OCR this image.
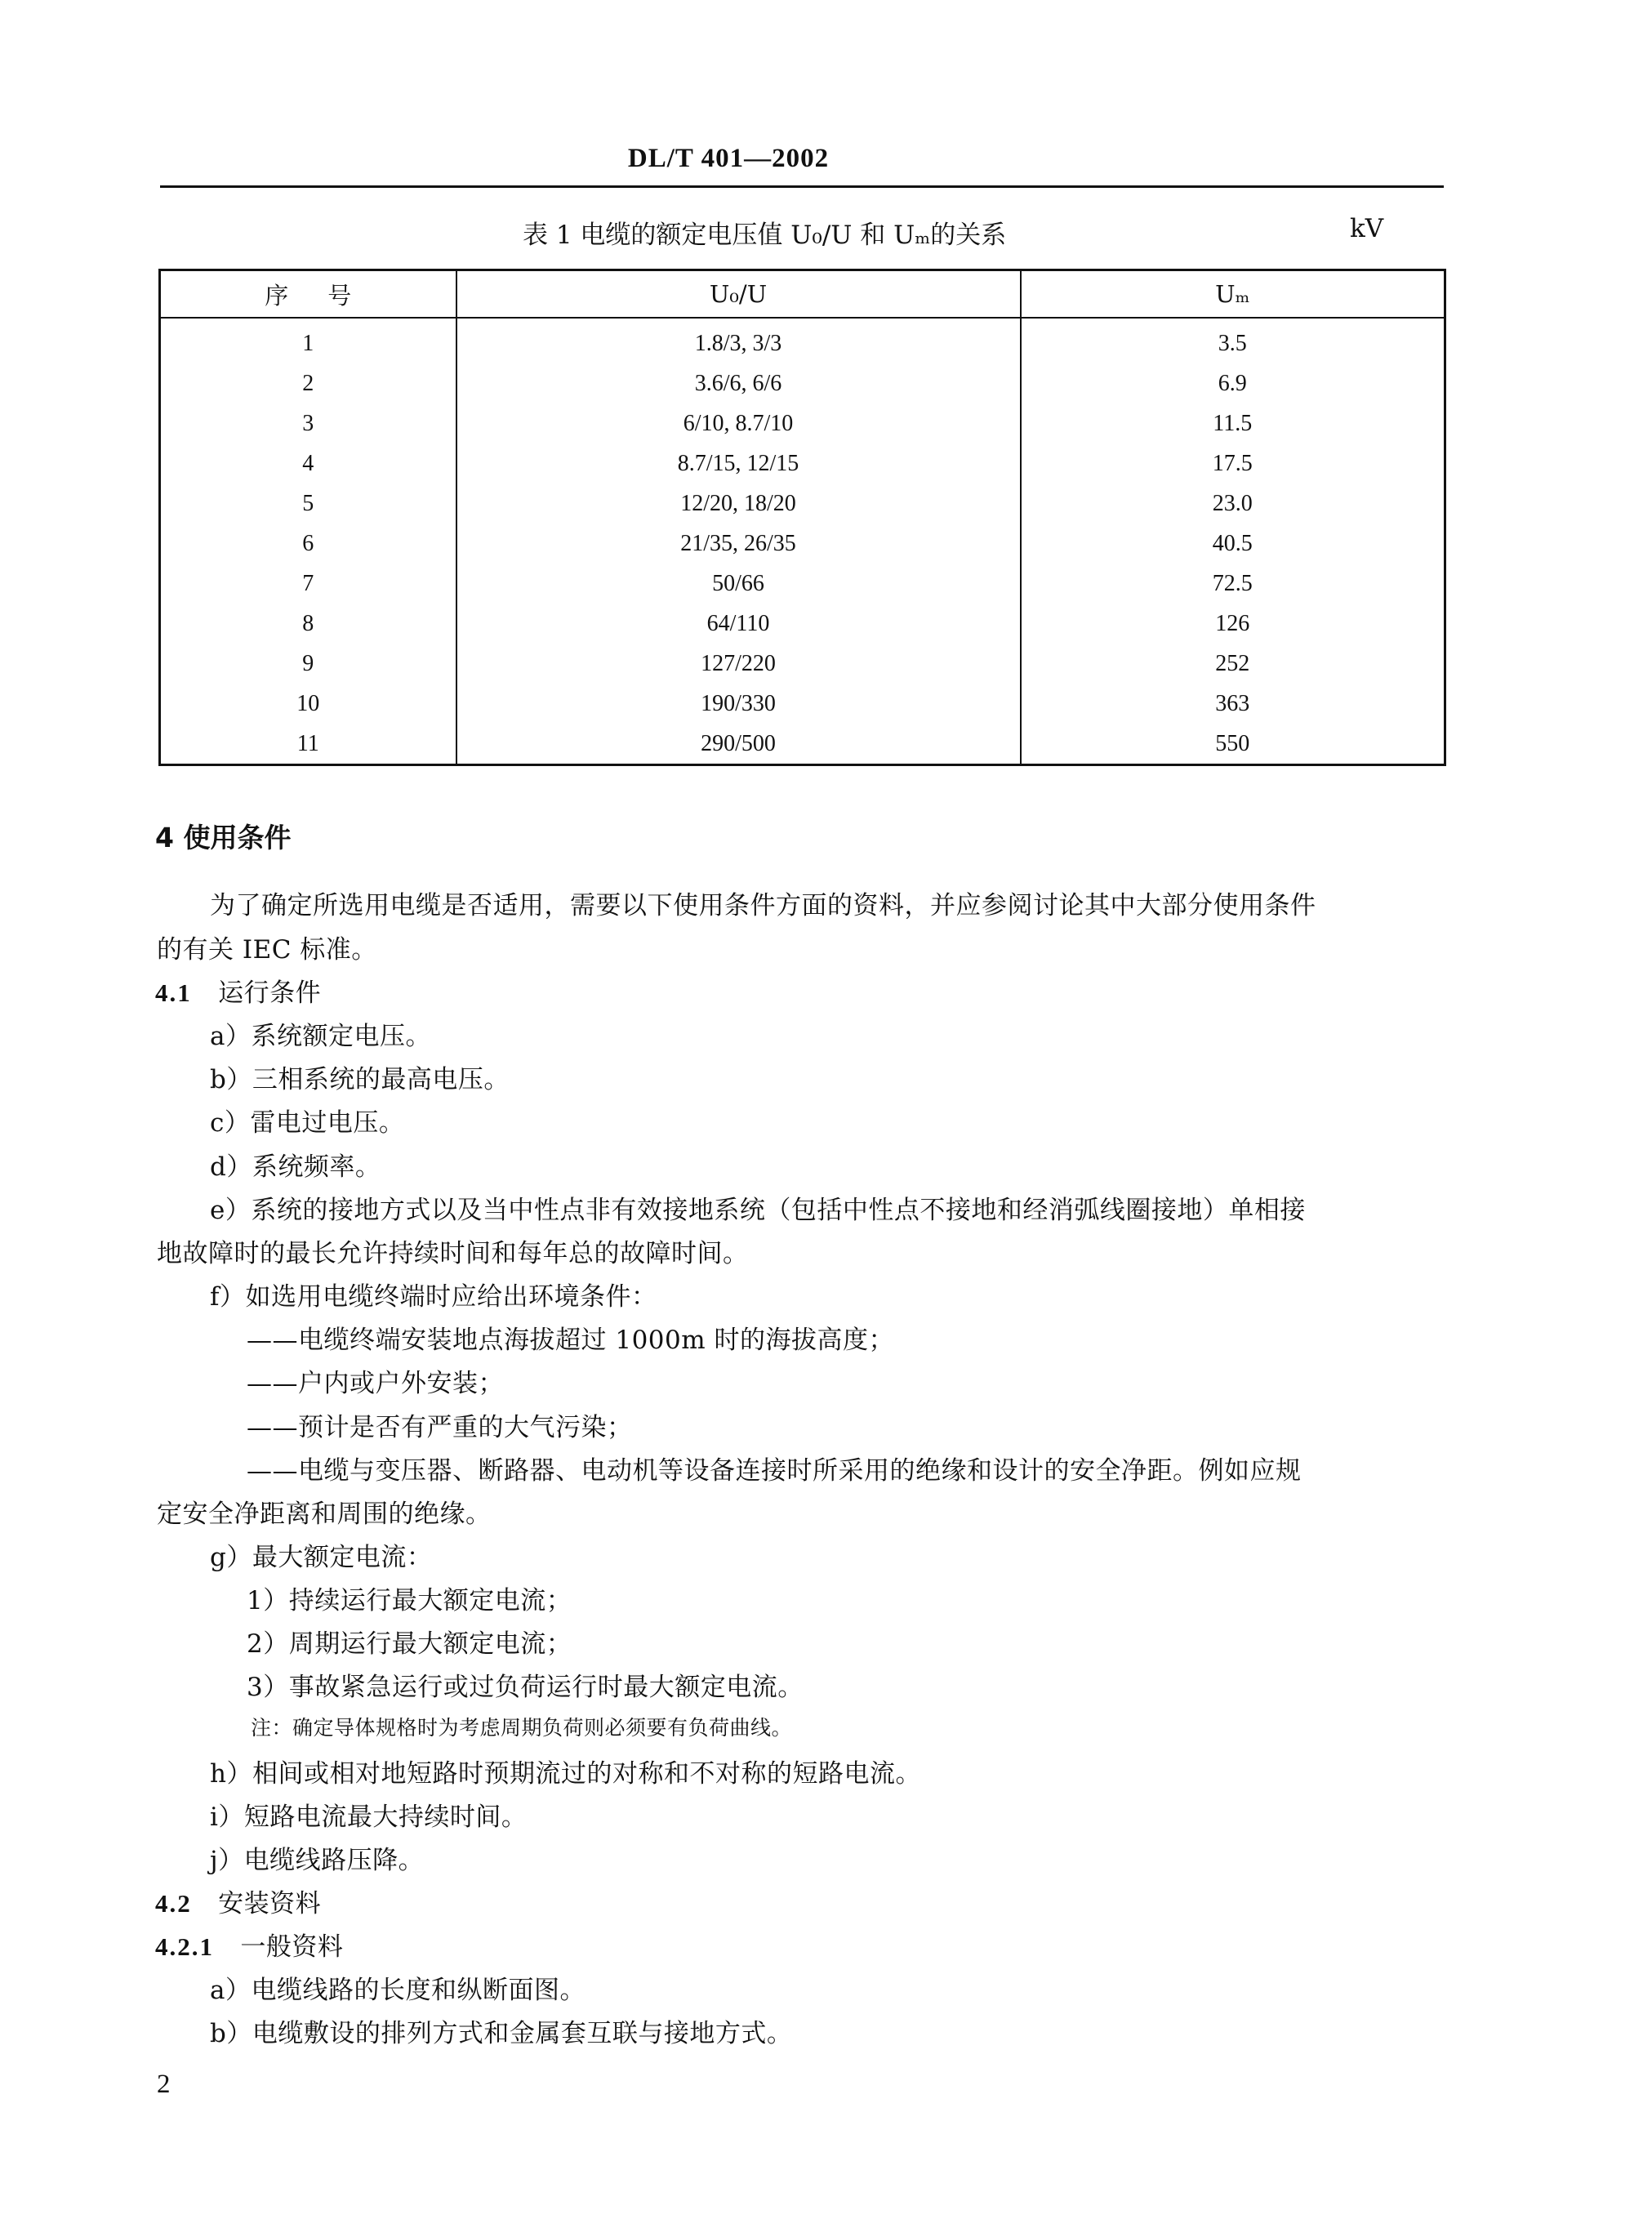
DL/T 401—2002
表 1 电缆的额定电压值 U₀/U 和 Uₘ的关系	kV
序 号	U₀/U	Uₘ
1	1.8/3, 3/3	3.5
2	3.6/6, 6/6	6.9
3	6/10, 8.7/10	11.5
4	8.7/15, 12/15	17.5
5	12/20, 18/20	23.0
6	21/35, 26/35	40.5
7	50/66	72.5
8	64/110	126
9	127/220	252
10	190/330	363
11	290/500	550
4 使用条件
为了确定所选用电缆是否适用，需要以下使用条件方面的资料，并应参阅讨论其中大部分使用条件
的有关 IEC 标准。
4.1 运行条件
a）系统额定电压。
b）三相系统的最高电压。
c）雷电过电压。
d）系统频率。
e）系统的接地方式以及当中性点非有效接地系统（包括中性点不接地和经消弧线圈接地）单相接
地故障时的最长允许持续时间和每年总的故障时间。
f）如选用电缆终端时应给出环境条件：
——电缆终端安装地点海拔超过 1000m 时的海拔高度；
——户内或户外安装；
——预计是否有严重的大气污染；
——电缆与变压器、断路器、电动机等设备连接时所采用的绝缘和设计的安全净距。例如应规
定安全净距离和周围的绝缘。
g）最大额定电流：
1）持续运行最大额定电流；
2）周期运行最大额定电流；
3）事故紧急运行或过负荷运行时最大额定电流。
注：确定导体规格时为考虑周期负荷则必须要有负荷曲线。
h）相间或相对地短路时预期流过的对称和不对称的短路电流。
i）短路电流最大持续时间。
j）电缆线路压降。
4.2 安装资料
4.2.1 一般资料
a）电缆线路的长度和纵断面图。
b）电缆敷设的排列方式和金属套互联与接地方式。
2
